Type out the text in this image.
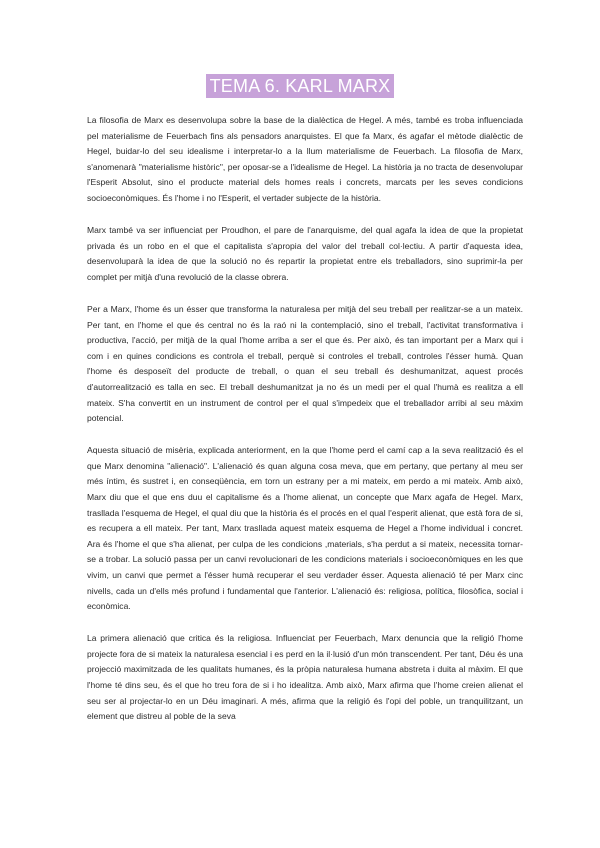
TEMA 6. KARL MARX

La filosofia de Marx es desenvolupa sobre la base de la dialèctica de Hegel. A més, també es troba influenciada pel materialisme de Feuerbach fins als pensadors anarquistes. El que fa Marx, és agafar el mètode dialèctic de Hegel, buidar-lo del seu idealisme i interpretar-lo a la llum materialisme de Feuerbach. La filosofia de Marx, s'anomenarà "materialisme històric", per oposar-se a l'idealisme de Hegel. La història ja no tracta de desenvolupar l'Esperit Absolut, sino el producte material dels homes reals i concrets, marcats per les seves condicions socioeconòmiques. És l'home i no l'Esperit, el vertader subjecte de la història.

Marx també va ser influenciat per Proudhon, el pare de l'anarquisme, del qual agafa la idea de que la propietat privada és un robo en el que el capitalista s'apropia del valor del treball col·lectiu. A partir d'aquesta idea, desenvoluparà la idea de que la solució no és repartir la propietat entre els treballadors, sino suprimir-la per complet per mitjà d'una revolució de la classe obrera.

Per a Marx, l'home és un ésser que transforma la naturalesa per mitjà del seu treball per realitzar-se a un mateix. Per tant, en l'home el que és central no és la raó ni la contemplació, sino el treball, l'activitat transformativa i productiva, l'acció, per mitjà de la qual l'home arriba a ser el que és. Per això, és tan important per a Marx qui i com i en quines condicions es controla el treball, perquè si controles el treball, controles l'ésser humà. Quan l'home és desposeït del producte de treball, o quan el seu treball és deshumanitzat, aquest procés d'autorrealització es talla en sec. El treball deshumanitzat ja no és un medi per el qual l'humà es realitza a ell mateix. S'ha convertit en un instrument de control per el qual s'impedeix que el treballador arribi al seu màxim potencial.

Aquesta situació de misèria, explicada anteriorment, en la que l'home perd el camí cap a la seva realització és el que Marx denomina "alienació". L'alienació és quan alguna cosa meva, que em pertany, que pertany al meu ser més íntim, és sustret i, en conseqüència, em torn un estrany per a mi mateix, em perdo a mi mateix. Amb això, Marx diu que el que ens duu el capitalisme és a l'home alienat, un concepte que Marx agafa de Hegel. Marx, trasllada l'esquema de Hegel, el qual diu que la història és el procés en el qual l'esperit alienat, que està fora de si, es recupera a ell mateix. Per tant, Marx trasllada aquest mateix esquema de Hegel a l'home individual i concret. Ara és l'home el que s'ha alienat, per culpa de les condicions ,materials, s'ha perdut a si mateix, necessita tornar-se a trobar. La solució passa per un canvi revolucionari de les condicions materials i socioeconòmiques en les que vivim, un canvi que permet a l'ésser humà recuperar el seu verdader ésser. Aquesta alienació té per Marx cinc nivells, cada un d'ells més profund i fundamental que l'anterior. L'alienació és: religiosa, política, filosòfica, social i econòmica.

La primera alienació que critica és la religiosa. Influenciat per Feuerbach, Marx denuncia que la religió l'home projecte fora de si mateix la naturalesa esencial i es perd en la il·lusió d'un món transcendent. Per tant, Déu és una projecció maximitzada de les qualitats humanes, és la pròpia naturalesa humana abstreta i duita al màxim. El que l'home té dins seu, és el que ho treu fora de si i ho idealitza. Amb això, Marx afirma que l'home creien alienat el seu ser al projectar-lo en un Déu imaginari. A més, afirma que la religió és l'opi del poble, un tranquilitzant, un element que distreu al poble de la seva
